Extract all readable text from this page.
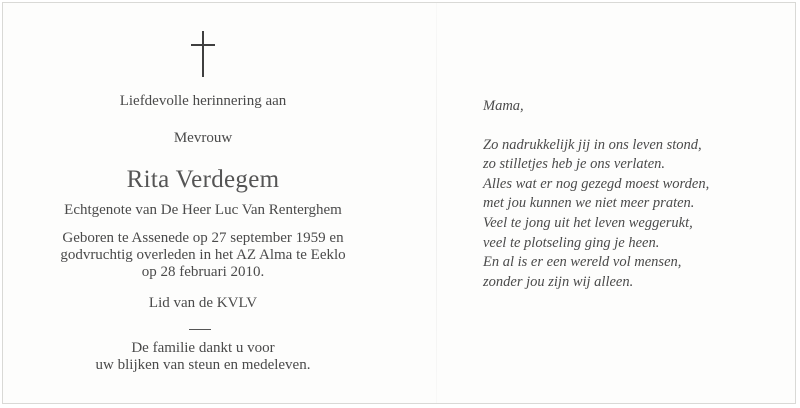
Liefdevolle herinnering aan
Mevrouw
Rita Verdegem
Echtgenote van De Heer Luc Van Renterghem
Geboren te Assenede op 27 september 1959 en
godvruchtig overleden in het AZ Alma te Eeklo
op 28 februari 2010.
Lid van de KVLV
De familie dankt u voor
uw blijken van steun en medeleven.
Mama,
Zo nadrukkelijk jij in ons leven stond,
zo stilletjes heb je ons verlaten.
Alles wat er nog gezegd moest worden,
met jou kunnen we niet meer praten.
Veel te jong uit het leven weggerukt,
veel te plotseling ging je heen.
En al is er een wereld vol mensen,
zonder jou zijn wij alleen.
